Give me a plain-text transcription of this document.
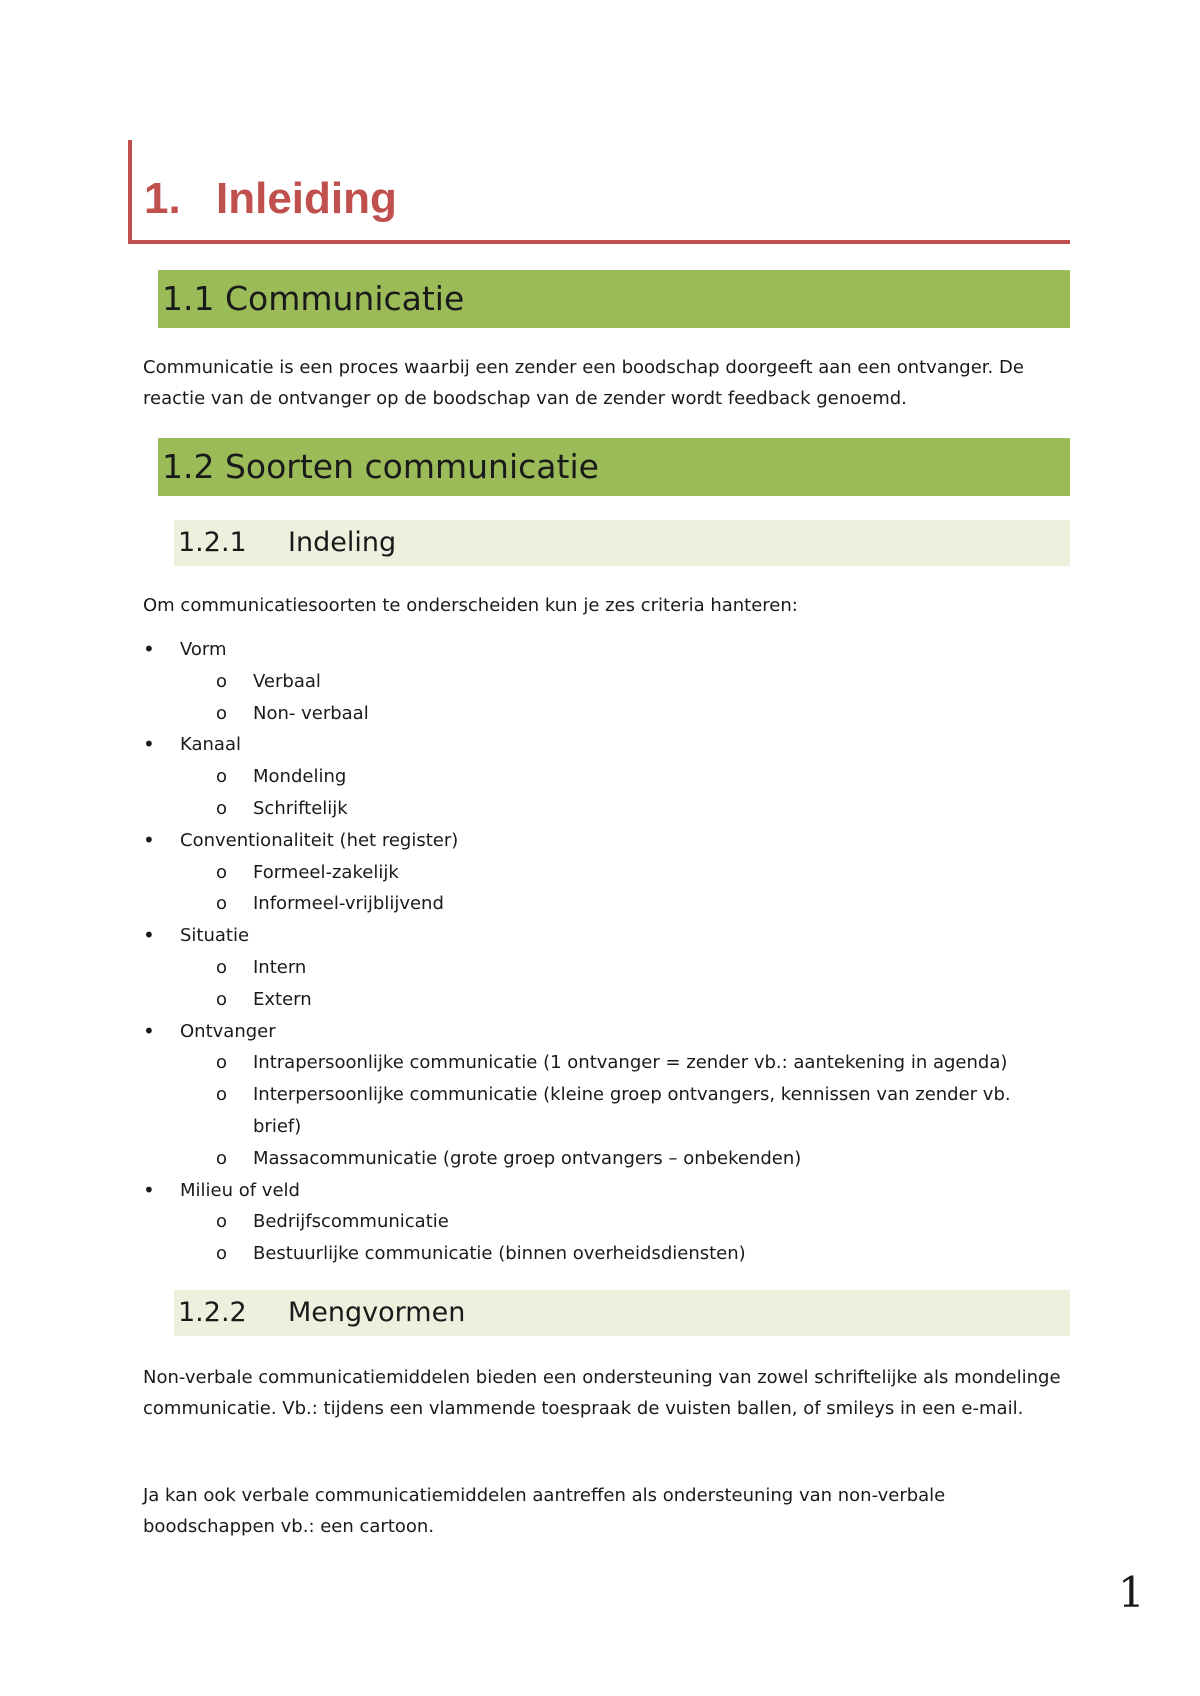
1. Inleiding
1.1 Communicatie

Communicatie is een proces waarbij een zender een boodschap doorgeeft aan een ontvanger. De reactie van de ontvanger op de boodschap van de zender wordt feedback genoemd.

1.2 Soorten communicatie
1.2.1 Indeling

Om communicatiesoorten te onderscheiden kun je zes criteria hanteren:

• Vorm
o Verbaal
o Non- verbaal
• Kanaal
o Mondeling
o Schriftelijk
• Conventionaliteit (het register)
o Formeel-zakelijk
o Informeel-vrijblijvend
• Situatie
o Intern
o Extern
• Ontvanger
o Intrapersoonlijke communicatie (1 ontvanger = zender vb.: aantekening in agenda)
o Interpersoonlijke communicatie (kleine groep ontvangers, kennissen van zender vb. brief)
o Massacommunicatie (grote groep ontvangers – onbekenden)
• Milieu of veld
o Bedrijfscommunicatie
o Bestuurlijke communicatie (binnen overheidsdiensten)
1.2.2 Mengvormen

Non-verbale communicatiemiddelen bieden een ondersteuning van zowel schriftelijke als mondelinge communicatie. Vb.: tijdens een vlammende toespraak de vuisten ballen, of smileys in een e-mail.

Ja kan ook verbale communicatiemiddelen aantreffen als ondersteuning van non-verbale boodschappen vb.: een cartoon.

1
